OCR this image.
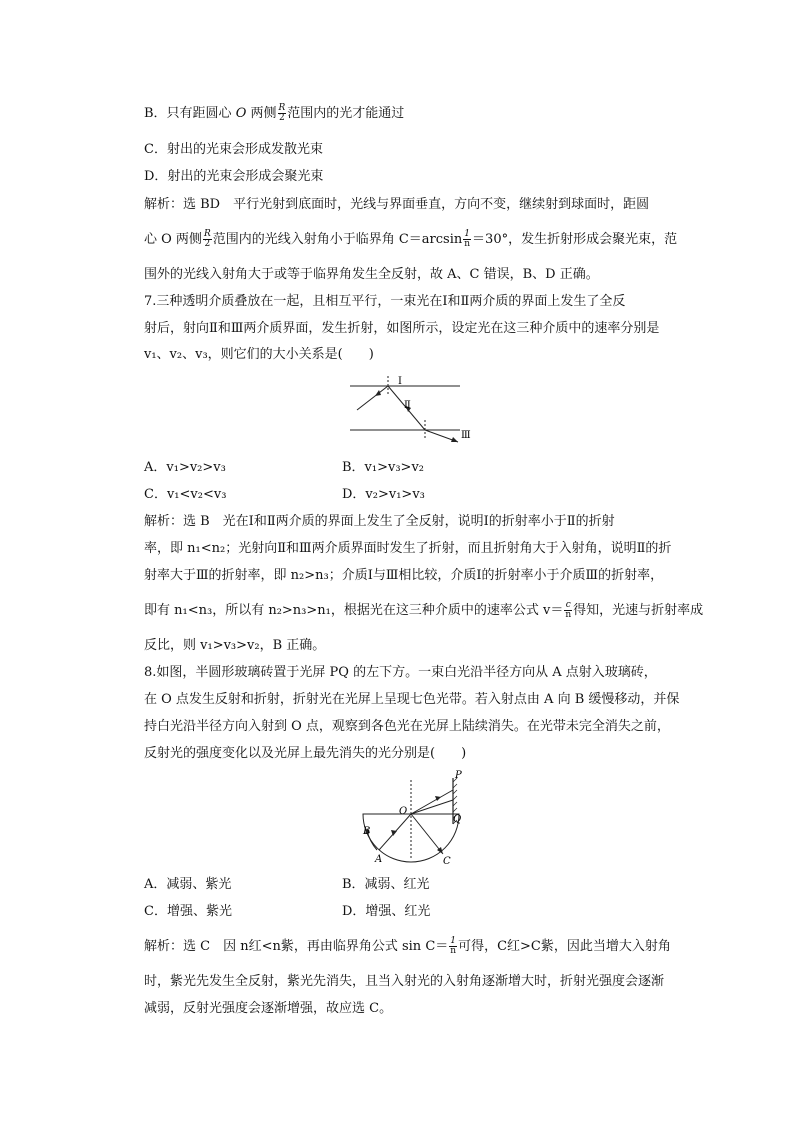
B．只有距圆心 O 两侧 $\frac{R}{2}$ 范围内的光才能通过
C．射出的光束会形成发散光束
D．射出的光束会形成会聚光束
解析：选 BD　平行光射到底面时，光线与界面垂直，方向不变，继续射到球面时，距圆
心 O 两侧 $\frac{R}{2}$ 范围内的光线入射角小于临界角 $C=\arcsin \frac{1}{n} =30^\circ$，发生折射形成会聚光束，范
围外的光线入射角大于或等于临界角发生全反射，故 A、C 错误，B、D 正确。
7.三种透明介质叠放在一起，且相互平行，一束光在Ⅰ和Ⅱ两介质的界面上发生了全反
射后，射向Ⅱ和Ⅲ两介质界面，发生折射，如图所示，设定光在这三种介质中的速率分别是
v₁、v₂、v₃，则它们的大小关系是(　　)
Ⅰ
Ⅱ
Ⅲ
A．v₁>v₂>v₃	B．v₁>v₃>v₂
C．v₁<v₂<v₃	D．v₂>v₁>v₃
解析：选 B　光在Ⅰ和Ⅱ两介质的界面上发生了全反射，说明Ⅰ的折射率小于Ⅱ的折射
率，即 n₁<n₂；光射向Ⅱ和Ⅲ两介质界面时发生了折射，而且折射角大于入射角，说明Ⅱ的折
射率大于Ⅲ的折射率，即 n₂>n₃；介质Ⅰ与Ⅲ相比较，介质Ⅰ的折射率小于介质Ⅲ的折射率，
即有 n₁<n₃，所以有 n₂>n₃>n₁，根据光在这三种介质中的速率公式 $v= \frac{c}{n}$ 得知，光速与折射率成
反比，则 v₁>v₃>v₂，B 正确。
8.如图，半圆形玻璃砖置于光屏 PQ 的左下方。一束白光沿半径方向从 A 点射入玻璃砖，
在 O 点发生反射和折射，折射光在光屏上呈现七色光带。若入射点由 A 向 B 缓慢移动，并保
持白光沿半径方向入射到 O 点，观察到各色光在光屏上陆续消失。在光带未完全消失之前，
反射光的强度变化以及光屏上最先消失的光分别是(　　)
O
P
Q
B
A	C
A．减弱、紫光	B．减弱、红光
C．增强、紫光	D．增强、红光
解析：选 C　因 n红<n紫，再由临界角公式 $\sin C= \frac{1}{n}$ 可得，C红>C紫，因此当增大入射角
时，紫光先发生全反射，紫光先消失，且当入射光的入射角逐渐增大时，折射光强度会逐渐
减弱，反射光强度会逐渐增强，故应选 C。
